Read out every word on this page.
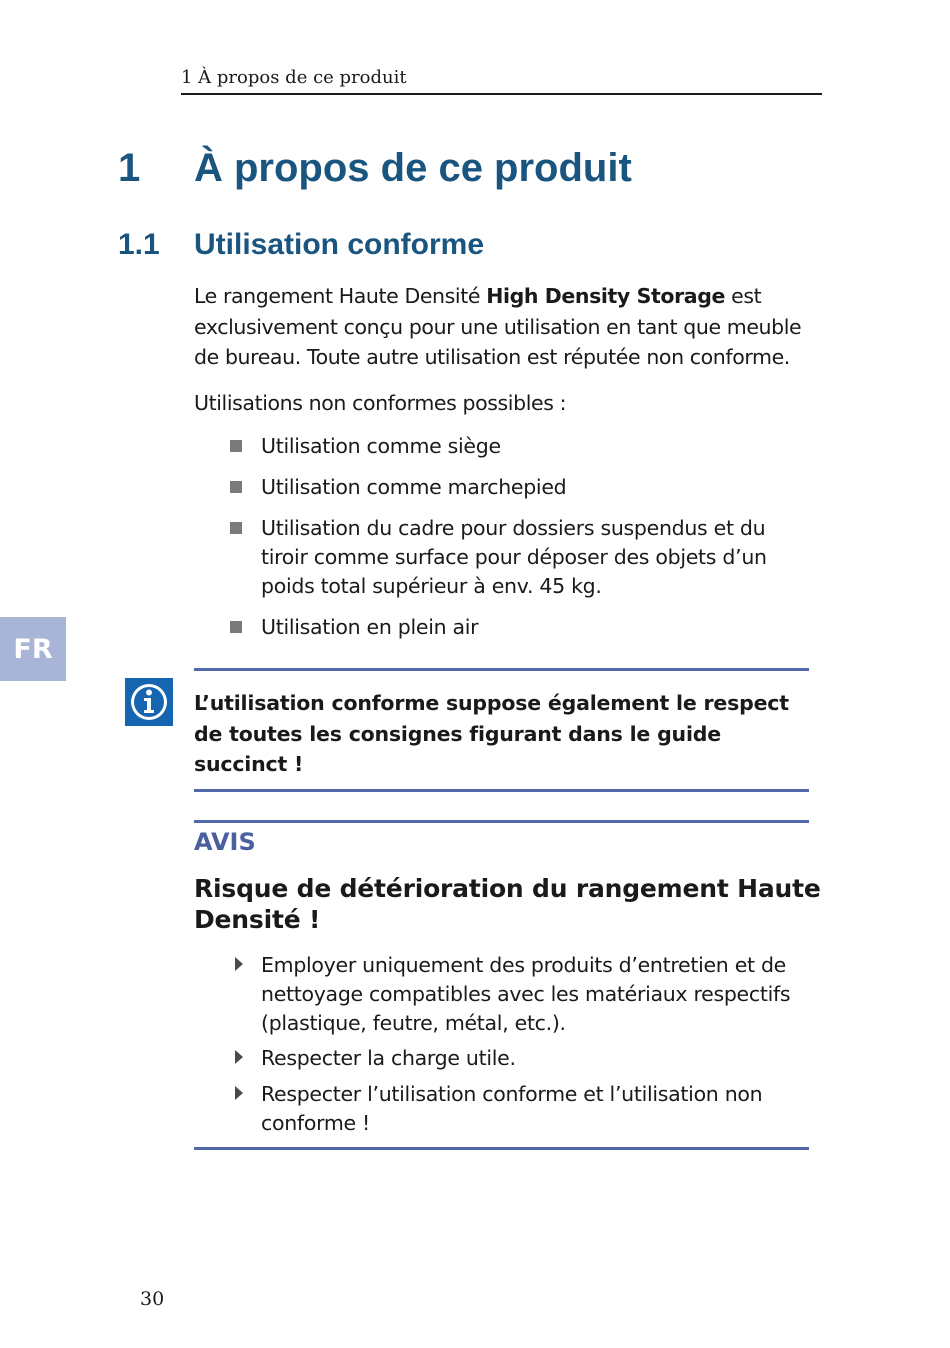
1 À propos de ce produit
1 À propos de ce produit
1.1 Utilisation conforme

Le rangement Haute Densité High Density Storage est exclusivement conçu pour une utilisation en tant que meuble de bureau. Toute autre utilisation est réputée non conforme.

Utilisations non conformes possibles :

Utilisation comme siège
Utilisation comme marchepied
Utilisation du cadre pour dossiers suspendus et du tiroir comme surface pour déposer des objets d’un poids total supérieur à env. 45 kg.
Utilisation en plein air
FR

L’utilisation conforme suppose également le respect de toutes les consignes figurant dans le guide succinct !

AVIS
Risque de détérioration du rangement Haute Densité !
Employer uniquement des produits d’entretien et de nettoyage compatibles avec les matériaux respectifs (plastique, feutre, métal, etc.).
Respecter la charge utile.
Respecter l’utilisation conforme et l’utilisation non conforme !
30
